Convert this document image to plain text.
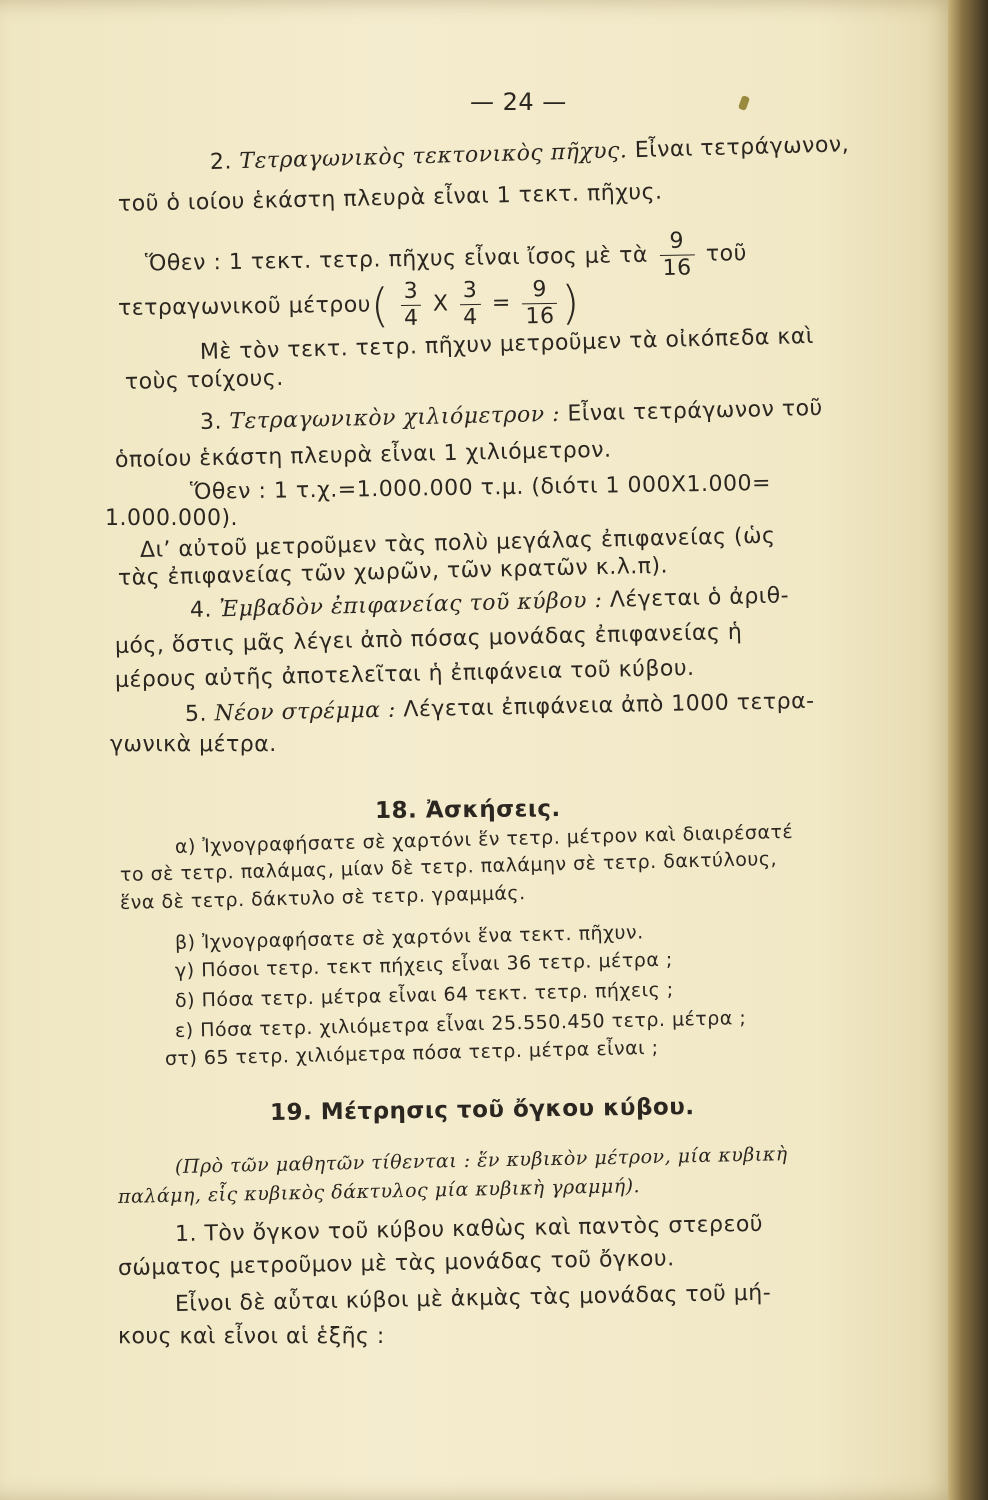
— 24 —
2. Τετραγωνικὸς τεκτονικὸς πῆχυς. Εἶναι τετράγωνον,
τοῦ ὁ ιοίου ἑκάστη πλευρὰ εἶναι 1 τεκτ. πῆχυς.
Ὅθεν : 1 τεκτ. τετρ. πῆχυς εἶναι ἴσος μὲ τὰ $\frac{9}{16}$ τοῦ
τετραγωνικοῦ $\mu έ\tau\rho o\upsilon( \frac{3}{4}$ X $\frac{3}{4} = \frac{9}{16}$ )
Μὲ τὸν τεκτ. τετρ. πῆχυν μετροῦμεν τὰ οἰκόπεδα καὶ
τοὺς τοίχους.
3. Τετραγωνικὸν χιλιόμετρον : Εἶναι τετράγωνον τοῦ
ὁποίου ἑκάστη πλευρὰ εἶναι 1 χιλιόμετρον.
Ὅθεν : 1 τ.χ.=1.000.000 τ.μ. (διότι 1 000X1.000=
1.000.000).
Δι’ αὐτοῦ μετροῦμεν τὰς πολὺ μεγάλας ἐπιφανείας (ὡς
τὰς ἐπιφανείας τῶν χωρῶν, τῶν κρατῶν κ.λ.π).
4. Ἐμβαδὸν ἐπιφανείας τοῦ κύβου : Λέγεται ὁ ἀριθ-
μός, ὅστις μᾶς λέγει ἀπὸ πόσας μονάδας ἐπιφανείας ἡ
μέρους αὐτῆς ἀποτελεῖται ἡ ἐπιφάνεια τοῦ κύβου.
5. Νέον στρέμμα : Λέγεται ἐπιφάνεια ἀπὸ 1000 τετρα-
γωνικὰ μέτρα.
18. Ἀσκήσεις.
α) Ἰχνογραφήσατε σὲ χαρτόνι ἕν τετρ. μέτρον καὶ διαιρέσατέ
το σὲ τετρ. παλάμας, μίαν δὲ τετρ. παλάμην σὲ τετρ. δακτύλους,
ἕνα δὲ τετρ. δάκτυλο σὲ τετρ. γραμμάς.
β) Ἰχνογραφήσατε σὲ χαρτόνι ἕνα τεκτ. πῆχυν.
γ) Πόσοι τετρ. τεκτ πήχεις εἶναι 36 τετρ. μέτρα ;
δ) Πόσα τετρ. μέτρα εἶναι 64 τεκτ. τετρ. πήχεις ;
ε) Πόσα τετρ. χιλιόμετρα εἶναι 25.550.450 τετρ. μέτρα ;
στ) 65 τετρ. χιλιόμετρα πόσα τετρ. μέτρα εἶναι ;
19. Μέτρησις τοῦ ὄγκου κύβου.
(Πρὸ τῶν μαθητῶν τίθενται : ἕν κυβικὸν μέτρον, μία κυβικὴ
παλάμη, εἷς κυβικὸς δάκτυλος μία κυβικὴ γραμμή).
1. Τὸν ὄγκον τοῦ κύβου καθὼς καὶ παντὸς στερεοῦ
σώματος μετροῦμον μὲ τὰς μονάδας τοῦ ὄγκου.
Εἶνοι δὲ αὗται κύβοι μὲ ἀκμὰς τὰς μονάδας τοῦ μή-
κους καὶ εἶνοι αἱ ἑξῆς :
